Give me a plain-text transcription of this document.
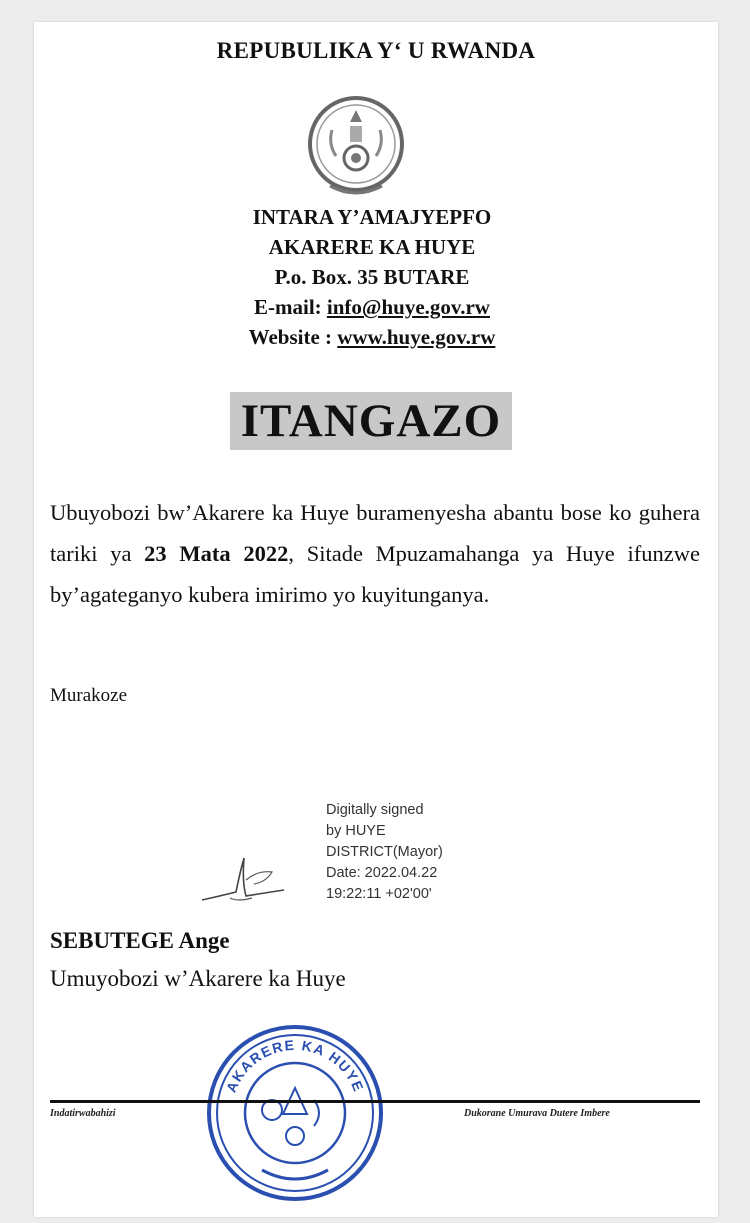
REPUBULIKA Y‘ U RWANDA
INTARA Y’AMAJYEPFO
AKARERE KA HUYE
P.o. Box. 35 BUTARE
E-mail: info@huye.gov.rw
Website : www.huye.gov.rw
ITANGAZO
Ubuyobozi bw’Akarere ka Huye buramenyesha abantu bose ko guhera tariki ya 23 Mata 2022, Sitade Mpuzamahanga ya Huye ifunzwe by’agateganyo kubera imirimo yo kuyitunganya.
Murakoze
Digitally signed
by HUYE
DISTRICT(Mayor)
Date: 2022.04.22
19:22:11 +02'00'
SEBUTEGE Ange
Umuyobozi w’Akarere ka Huye
AKARERE KA HUYE
Indatirwabahizi	Dukorane Umurava Dutere Imbere
